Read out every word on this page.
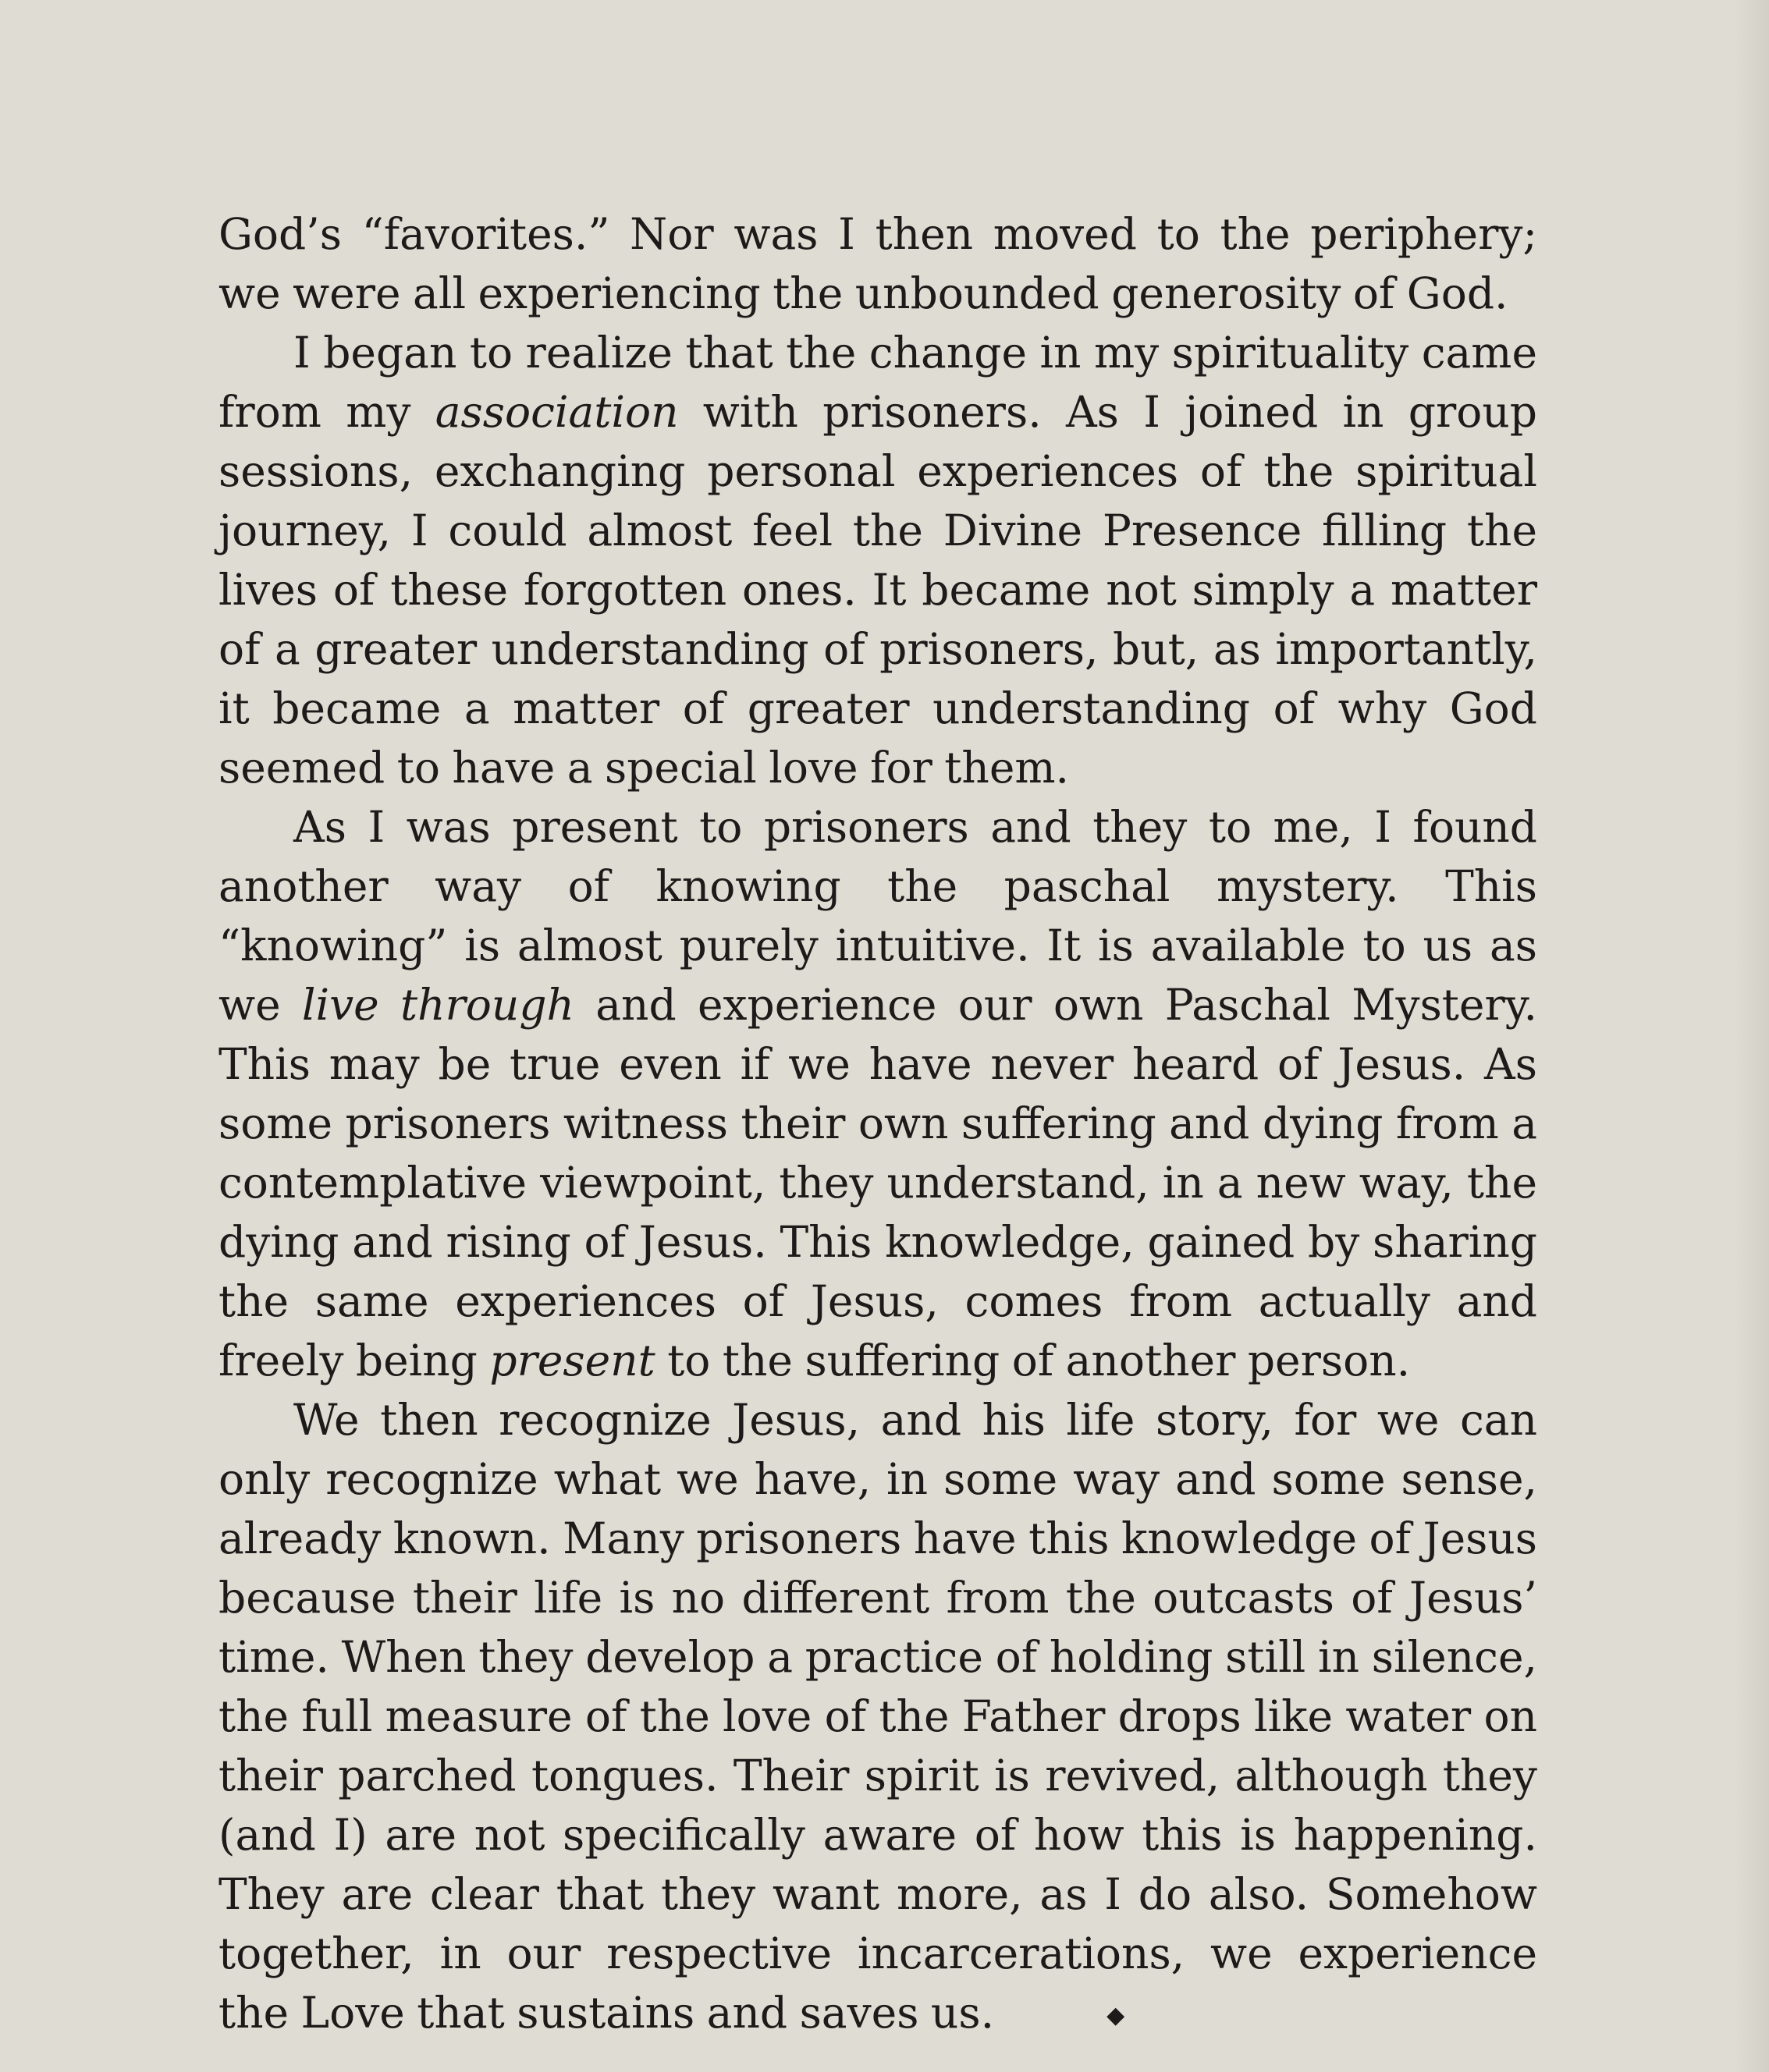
God’s “favorites.” Nor was I then moved to the periphery; we were all experiencing the unbounded generosity of God.

I began to realize that the change in my spirituality came from my association with prisoners. As I joined in group sessions, exchanging personal experiences of the spiritual journey, I could almost feel the Divine Presence filling the lives of these forgotten ones. It became not simply a matter of a greater understanding of prisoners, but, as importantly, it became a matter of greater understanding of why God seemed to have a special love for them.

As I was present to prisoners and they to me, I found another way of knowing the paschal mystery. This “knowing” is almost purely intuitive. It is available to us as we live through and experience our own Paschal Mystery. This may be true even if we have never heard of Jesus. As some prisoners witness their own suffering and dying from a contemplative viewpoint, they understand, in a new way, the dying and rising of Jesus. This knowledge, gained by sharing the same experiences of Jesus, comes from actually and freely being present to the suffering of another person.

We then recognize Jesus, and his life story, for we can only recognize what we have, in some way and some sense, already known. Many prisoners have this knowledge of Jesus because their life is no different from the outcasts of Jesus’ time. When they develop a practice of holding still in silence, the full measure of the love of the Father drops like water on their parched tongues. Their spirit is revived, although they (and I) are not specifically aware of how this is happening. They are clear that they want more, as I do also. Somehow together, in our respective incarcerations, we experience the Love that sustains and saves us.	◆
